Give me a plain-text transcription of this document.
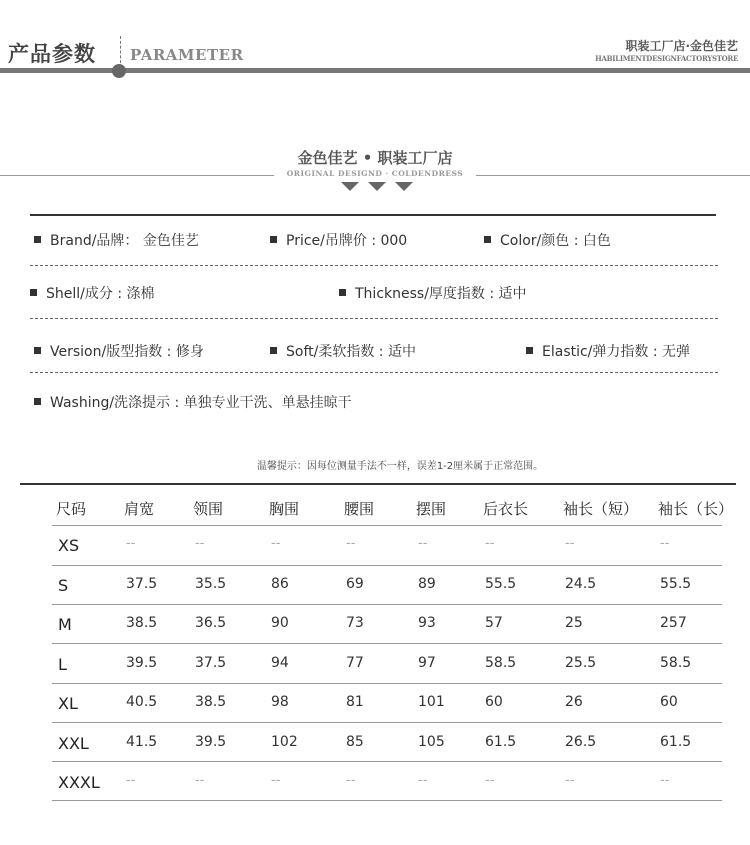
产品参数 PARAMETER	职装工厂店·金色佳艺
HABILIMENTDESIGNFACTORYSTORE
金色佳艺 • 职装工厂店
ORIGINAL DESIGND · COLDENDRESS
Brand/品牌： 金色佳艺	Price/吊牌价 : 000	Color/颜色 : 白色
Shell/成分 : 涤棉	Thickness/厚度指数 : 适中
Version/版型指数 : 修身	Soft/柔软指数 : 适中	Elastic/弹力指数 : 无弹
Washing/洗涤提示 : 单独专业干洗、单悬挂晾干
温馨提示：因每位测量手法不一样，误差1-2厘米属于正常范围。
尺码	肩宽	领围	胸围	腰围	摆围 后衣长 袖长（短） 袖长（长）
XS	--	--	--	--	--	--	--	--
S	37.5	35.5	86	69	89	55.5	24.5	55.5
M	38.5	36.5	90	73	93	57	25	257
L	39.5	37.5	94	77	97	58.5	25.5	58.5
XL	40.5	38.5	98	81	101	60	26	60
XXL	41.5	39.5	102	85	105	61.5	26.5	61.5
XXXL --	--	--	--	--	--	--	--
